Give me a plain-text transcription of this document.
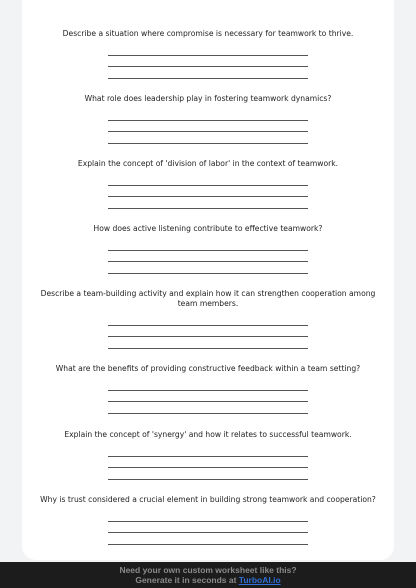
Describe a situation where compromise is necessary for teamwork to thrive.
What role does leadership play in fostering teamwork dynamics?
Explain the concept of 'division of labor' in the context of teamwork.
How does active listening contribute to effective teamwork?
Describe a team-building activity and explain how it can strengthen cooperation among team members.
What are the benefits of providing constructive feedback within a team setting?
Explain the concept of 'synergy' and how it relates to successful teamwork.
Why is trust considered a crucial element in building strong teamwork and cooperation?
Need your own custom worksheet like this?
Generate it in seconds at TurboAI.io
